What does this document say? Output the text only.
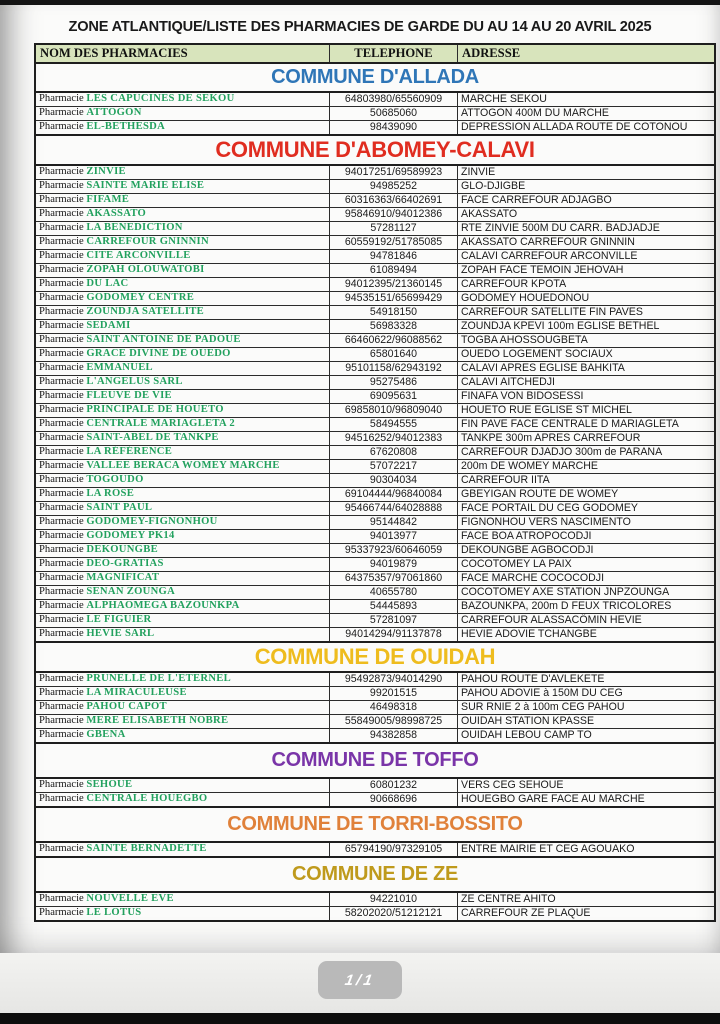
ZONE ATLANTIQUE/LISTE DES PHARMACIES DE GARDE DU AU 14 AU 20 AVRIL 2025
NOM DES PHARMACIES	TELEPHONE	ADRESSE
COMMUNE D'ALLADA		
Pharmacie LES CAPUCINES DE SEKOU	64803980/65560909	MARCHE SEKOU
Pharmacie ATTOGON	50685060	ATTOGON 400M DU MARCHE
Pharmacie EL-BETHESDA	98439090	DEPRESSION ALLADA ROUTE DE COTONOU
COMMUNE D'ABOMEY-CALAVI		
Pharmacie ZINVIE	94017251/69589923	ZINVIE
Pharmacie SAINTE MARIE ELISE	94985252	GLO-DJIGBE
Pharmacie FIFAMÈ	60316363/66402691	FACE CARREFOUR ADJAGBO
Pharmacie AKASSATO	95846910/94012386	AKASSATO
Pharmacie LA BENEDICTION	57281127	RTE ZINVIE 500M DU CARR. BADJADJE
Pharmacie CARREFOUR GNINNIN	60559192/51785085	AKASSATO CARREFOUR GNINNIN
Pharmacie CITE ARCONVILLE	94781846	CALAVI CARREFOUR ARCONVILLE
Pharmacie ZOPAH OLOUWATOBI	61089494	ZOPAH FACE TEMOIN JEHOVAH
Pharmacie DU LAC	94012395/21360145	CARREFOUR KPOTA
Pharmacie GODOMEY CENTRE	94535151/65699429	GODOMEY HOUEDONOU
Pharmacie ZOUNDJA SATELLITE	54918150	CARREFOUR SATELLITE FIN PAVES
Pharmacie SEDAMI	56983328	ZOUNDJA KPEVI 100m EGLISE BETHEL
Pharmacie SAINT ANTOINE DE PADOUE	66460622/96088562	TOGBA AHOSSOUGBETA
Pharmacie GRACE DIVINE DE OUEDO	65801640	OUEDO LOGEMENT SOCIAUX
Pharmacie EMMANUEL	95101158/62943192	CALAVI APRES EGLISE BAHKITA
Pharmacie L'ANGELUS SARL	95275486	CALAVI AITCHEDJI
Pharmacie FLEUVE DE VIE	69095631	FINAFA VON BIDOSESSI
Pharmacie PRINCIPALE DE HOUETO	69858010/96809040	HOUETO RUE EGLISE ST MICHEL
Pharmacie CENTRALE MARIAGLETA 2	58494555	FIN PAVE FACE CENTRALE D MARIAGLETA
Pharmacie SAINT-ABEL DE TANKPE	94516252/94012383	TANKPE 300m APRES CARREFOUR
Pharmacie LA RÉFÉRENCE	67620808	CARREFOUR DJADJO 300m de PARANA
Pharmacie VALLEE BERACA WOMEY MARCHE	57072217	200m DE WOMEY MARCHE
Pharmacie TOGOUDO	90304034	CARREFOUR IITA
Pharmacie LA ROSE	69104444/96840084	GBEYIGAN ROUTE DE WOMEY
Pharmacie SAINT PAUL	95466744/64028888	FACE PORTAIL DU CEG GODOMEY
Pharmacie GODOMEY-FIGNONHOU	95144842	FIGNONHOU VERS NASCIMENTO
Pharmacie GODOMEY PK14	94013977	FACE BOA ATROPOCODJI
Pharmacie DEKOUNGBE	95337923/60646059	DEKOUNGBE AGBOCODJI
Pharmacie DEO-GRATIAS	94019879	COCOTOMEY LA PAIX
Pharmacie MAGNIFICAT	64375357/97061860	FACE MARCHE COCOCODJI
Pharmacie SENAN ZOUNGA	40655780	COCOTOMEY AXE STATION JNPZOUNGA
Pharmacie ALPHAOMEGA BAZOUNKPA	54445893	BAZOUNKPA, 200m D FEUX TRICOLORES
Pharmacie LE FIGUIER	57281097	CARREFOUR ALASSACÔMIN HEVIE
Pharmacie HEVIE SARL	94014294/91137878	HEVIE ADOVIE TCHANGBE
COMMUNE DE OUIDAH		
Pharmacie PRUNELLE DE L'ETERNEL	95492873/94014290	PAHOU ROUTE D'AVLEKETE
Pharmacie LA MIRACULEUSE	99201515	PAHOU ADOVIE à 150M DU CEG
Pharmacie PAHOU CAPOT	46498318	SUR RNIE 2 à 100m CEG PAHOU
Pharmacie MERE ELISABETH NOBRE	55849005/98998725	OUIDAH STATION KPASSE
Pharmacie GBENA	94382858	OUIDAH LEBOU CAMP TO
COMMUNE DE TOFFO		
Pharmacie SEHOUE	60801232	VERS CEG SEHOUE
Pharmacie CENTRALE HOUEGBO	90668696	HOUEGBO GARE FACE AU MARCHE
COMMUNE DE TORRI-BOSSITO		
Pharmacie SAINTE BERNADETTE	65794190/97329105	ENTRE MAIRIE ET CEG AGOUAKO
COMMUNE DE ZE		
Pharmacie NOUVELLE EVE	94221010	ZE CENTRE AHITO
Pharmacie LE LOTUS	58202020/51212121	CARREFOUR ZE PLAQUE
1/1
